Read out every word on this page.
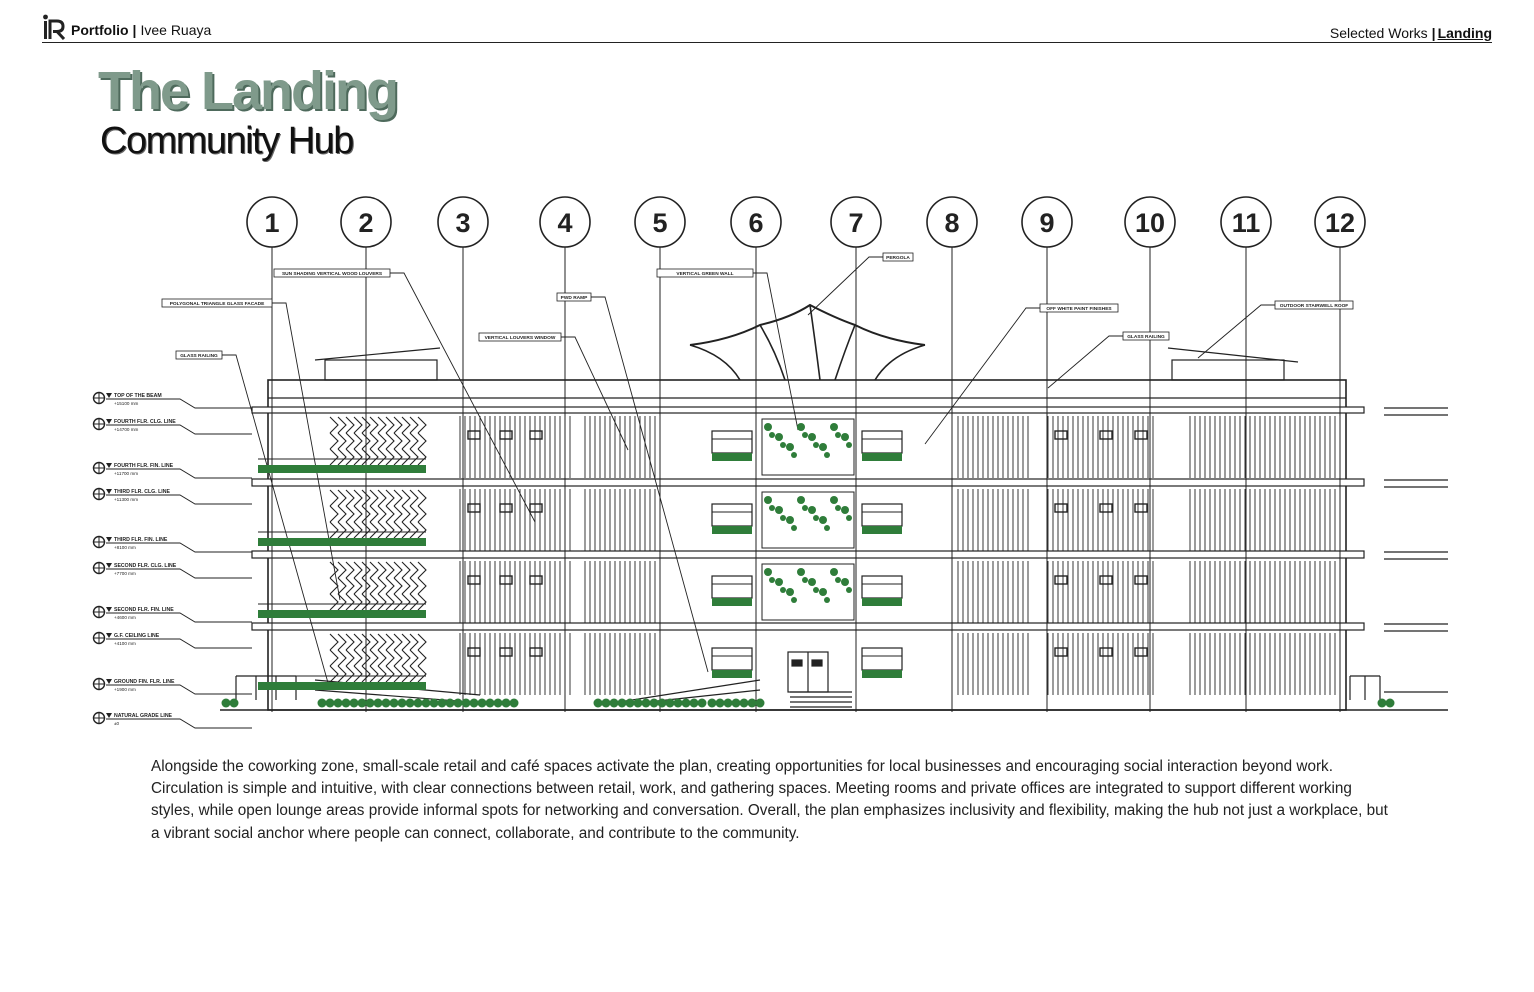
Portfolio | Ivee Ruaya	Selected Works | Landing
The Landing
Community Hub
1	2	3	4	5	6	7	8	9	10 11 12
TOP OF THE BEAM
+15100 mm
FOURTH FLR. CLG. LINE
+14700 mm
FOURTH FLR. FIN. LINE
+11700 mm
THIRD FLR. CLG. LINE
+11300 mm
THIRD FLR. FIN. LINE
+8100 mm
SECOND FLR. CLG. LINE
+7700 mm
SECOND FLR. FIN. LINE
+4600 mm
G.F. CEILING LINE
+4100 mm
GROUND FIN. FLR. LINE
+1900 mm
NATURAL GRADE LINE
±0
SUN SHADING VERTICAL WOOD LOUVERS
POLYGONAL TRIANGLE GLASS FACADE
GLASS RAILING
PWD RAMP
VERTICAL LOUVERS WINDOW
VERTICAL GREEN WALL
PERGOLA
OFF WHITE PAINT FINISHES
GLASS RAILING
OUTDOOR STAIRWELL ROOF

Alongside the coworking zone, small-scale retail and café spaces activate the plan, creating opportunities for local businesses and encouraging social interaction beyond work. Circulation is simple and intuitive, with clear connections between retail, work, and gathering spaces. Meeting rooms and private offices are integrated to support different working styles, while open lounge areas provide informal spots for networking and conversation. Overall, the plan emphasizes inclusivity and flexibility, making the hub not just a workplace, but a vibrant social anchor where people can connect, collaborate, and contribute to the community.
